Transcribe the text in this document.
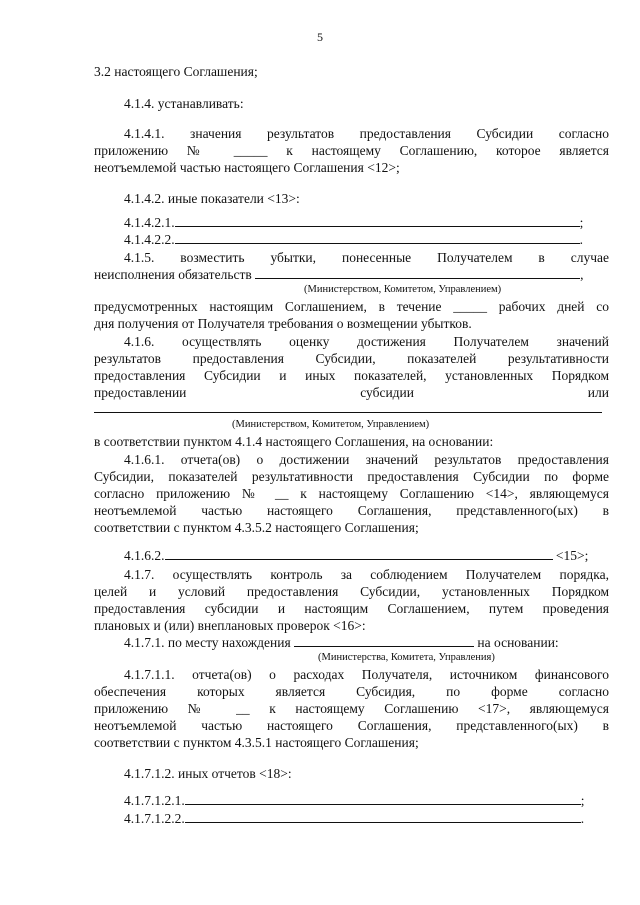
5
3.2 настоящего Соглашения;
4.1.4. устанавливать:
4.1.4.1. значения результатов предоставления Субсидии согласно
приложению № _____ к настоящему Соглашению, которое является
неотъемлемой частью настоящего Соглашения <12>;
4.1.4.2. иные показатели <13>:
4.1.4.2.1.	;
4.1.4.2.2.	.
4.1.5. возместить убытки, понесенные Получателем в случае
неисполнения обязательств	,
(Министерством, Комитетом, Управлением)
предусмотренных настоящим Соглашением, в течение _____ рабочих дней со
дня получения от Получателя требования о возмещении убытков.
4.1.6. осуществлять оценку достижения Получателем значений
результатов предоставления Субсидии, показателей результативности
предоставления Субсидии и иных показателей, установленных Порядком
предоставлении субсидии или
(Министерством, Комитетом, Управлением)
в соответствии пунктом 4.1.4 настоящего Соглашения, на основании:
4.1.6.1. отчета(ов) о достижении значений результатов предоставления
Субсидии, показателей результативности предоставления Субсидии по форме
согласно приложению № __ к настоящему Соглашению <14>, являющемуся
неотъемлемой частью настоящего Соглашения, представленного(ых) в
соответствии с пунктом 4.3.5.2 настоящего Соглашения;
4.1.6.2.	<15>;
4.1.7. осуществлять контроль за соблюдением Получателем порядка,
целей и условий предоставления Субсидии, установленных Порядком
предоставления субсидии и настоящим Соглашением, путем проведения
плановых и (или) внеплановых проверок <16>:
4.1.7.1. по месту нахождения	на основании:
(Министерства, Комитета, Управления)
4.1.7.1.1. отчета(ов) о расходах Получателя, источником финансового
обеспечения которых является Субсидия, по форме согласно
приложению № __ к настоящему Соглашению <17>, являющемуся
неотъемлемой частью настоящего Соглашения, представленного(ых) в
соответствии с пунктом 4.3.5.1 настоящего Соглашения;
4.1.7.1.2. иных отчетов <18>:
4.1.7.1.2.1.	;
4.1.7.1.2.2.	.
